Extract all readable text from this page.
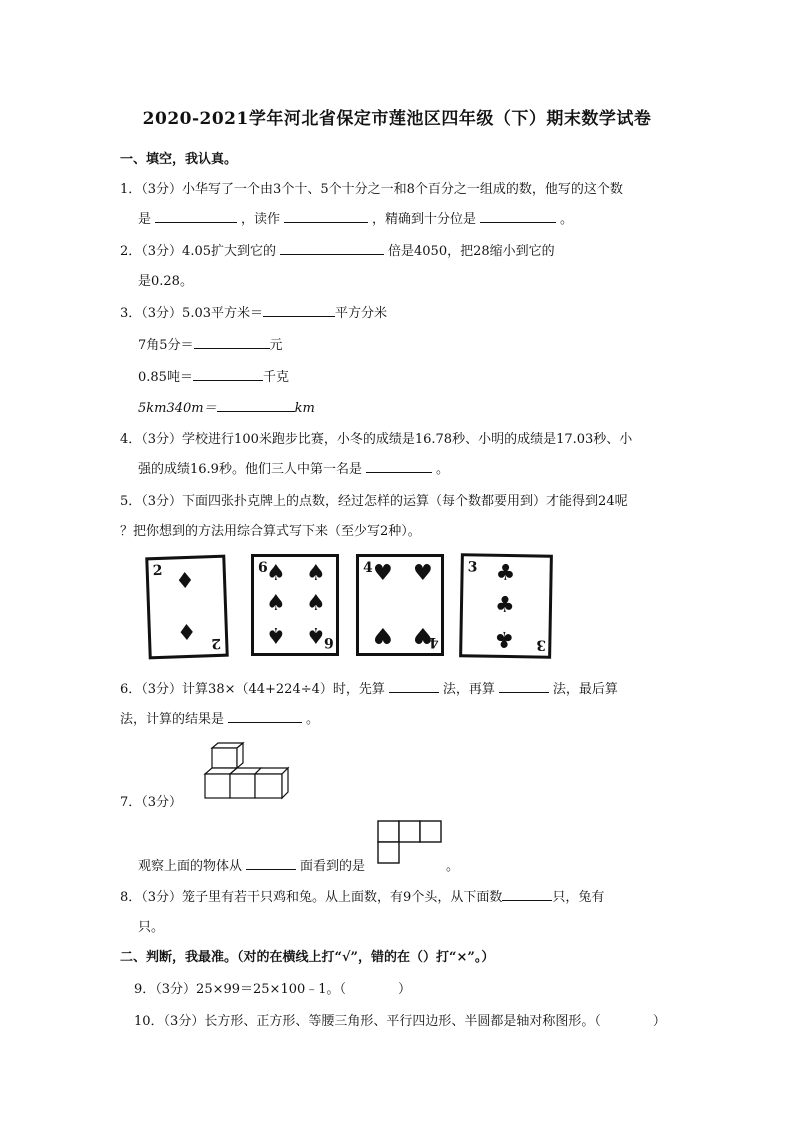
2020-2021学年河北省保定市莲池区四年级（下）期末数学试卷
一、填空，我认真。
1．（3分）小华写了一个由3个十、5个十分之一和8个百分之一组成的数，他写的这个数
是	，读作	，精确到十分位是	。
2．（3分）4.05扩大到它的	倍是4050，把28缩小到它的
是0.28。
3．（3分）5.03平方米＝	平方分米
7角5分＝	元
0.85吨＝	千克
5km340m＝	km
4．（3分）学校进行100米跑步比赛，小冬的成绩是16.78秒、小明的成绩是17.03秒、小
强的成绩16.9秒。他们三人中第一名是	。
5．（3分）下面四张扑克牌上的点数，经过怎样的运算（每个数都要用到）才能得到24呢
？把你想到的方法用综合算式写下来（至少写2种）。
2 ♦
♦ 2
6
♠ ♠
♠ ♠
♠ ♠
6
4 ♥ ♥
♥ ♥
4
3 ♣
♣
♣ 3
6．（3分）计算38×（44+224÷4）时，先算	法，再算	法，最后算
法，计算的结果是	。
7．（3分）
观察上面的物体从	面看到的是	。
8．（3分）笼子里有若干只鸡和兔。从上面数，有9个头，从下面数	只，兔有
只。
二、判断，我最准。（对的在横线上打“√”，错的在（）打“×”。）
9．（3分）25×99＝25×100﹣1。（　　　　）
10．（3分）长方形、正方形、等腰三角形、平行四边形、半圆都是轴对称图形。（　　　　）
